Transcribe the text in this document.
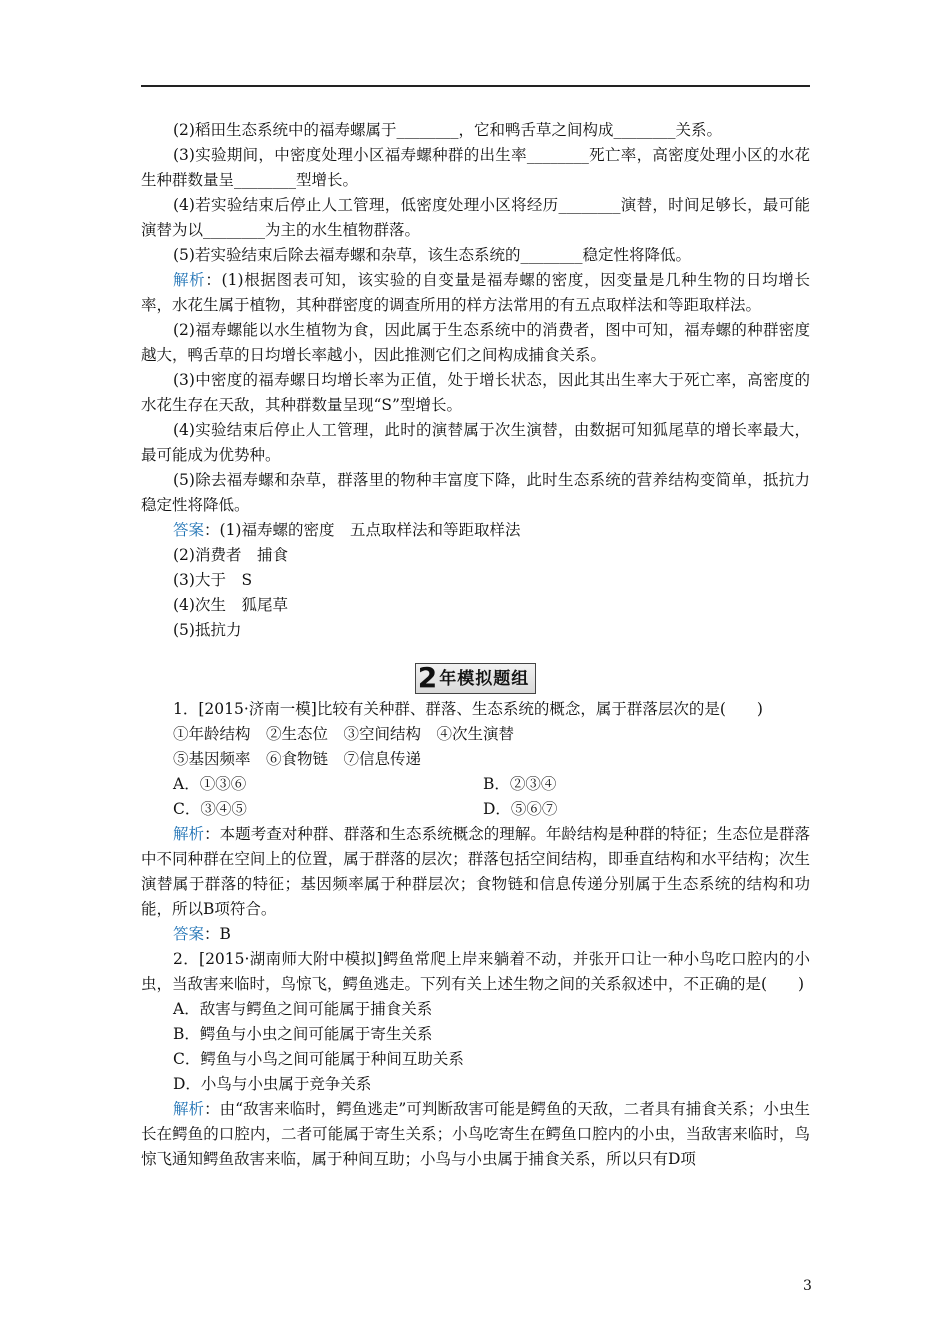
(2)稻田生态系统中的福寿螺属于________，它和鸭舌草之间构成________关系。

(3)实验期间，中密度处理小区福寿螺种群的出生率________死亡率，高密度处理小区的水花生种群数量呈________型增长。

(4)若实验结束后停止人工管理，低密度处理小区将经历________演替，时间足够长，最可能演替为以________为主的水生植物群落。

(5)若实验结束后除去福寿螺和杂草，该生态系统的________稳定性将降低。

解析：(1)根据图表可知，该实验的自变量是福寿螺的密度，因变量是几种生物的日均增长率，水花生属于植物，其种群密度的调查所用的样方法常用的有五点取样法和等距取样法。

(2)福寿螺能以水生植物为食，因此属于生态系统中的消费者，图中可知，福寿螺的种群密度越大，鸭舌草的日均增长率越小，因此推测它们之间构成捕食关系。

(3)中密度的福寿螺日均增长率为正值，处于增长状态，因此其出生率大于死亡率，高密度的水花生存在天敌，其种群数量呈现“S”型增长。

(4)实验结束后停止人工管理，此时的演替属于次生演替，由数据可知狐尾草的增长率最大，最可能成为优势种。

(5)除去福寿螺和杂草，群落里的物种丰富度下降，此时生态系统的营养结构变简单，抵抗力稳定性将降低。

答案：(1)福寿螺的密度　五点取样法和等距取样法

(2)消费者　捕食

(3)大于　S

(4)次生　狐尾草

(5)抵抗力

2 年模拟题组

1．[2015·济南一模]比较有关种群、群落、生态系统的概念，属于群落层次的是(　　)

①年龄结构　②生态位　③空间结构　④次生演替

⑤基因频率　⑥食物链　⑦信息传递

A．①③⑥	B．②③④
C．③④⑤	D．⑤⑥⑦

解析：本题考查对种群、群落和生态系统概念的理解。年龄结构是种群的特征；生态位是群落中不同种群在空间上的位置，属于群落的层次；群落包括空间结构，即垂直结构和水平结构；次生演替属于群落的特征；基因频率属于种群层次；食物链和信息传递分别属于生态系统的结构和功能，所以B项符合。

答案：B

2．[2015·湖南师大附中模拟]鳄鱼常爬上岸来躺着不动，并张开口让一种小鸟吃口腔内的小虫，当敌害来临时，鸟惊飞，鳄鱼逃走。下列有关上述生物之间的关系叙述中，不正确的是(　　)

A．敌害与鳄鱼之间可能属于捕食关系

B．鳄鱼与小虫之间可能属于寄生关系

C．鳄鱼与小鸟之间可能属于种间互助关系

D．小鸟与小虫属于竞争关系

解析：由“敌害来临时，鳄鱼逃走”可判断敌害可能是鳄鱼的天敌，二者具有捕食关系；小虫生长在鳄鱼的口腔内，二者可能属于寄生关系；小鸟吃寄生在鳄鱼口腔内的小虫，当敌害来临时，鸟惊飞通知鳄鱼敌害来临，属于种间互助；小鸟与小虫属于捕食关系，所以只有D项

3
